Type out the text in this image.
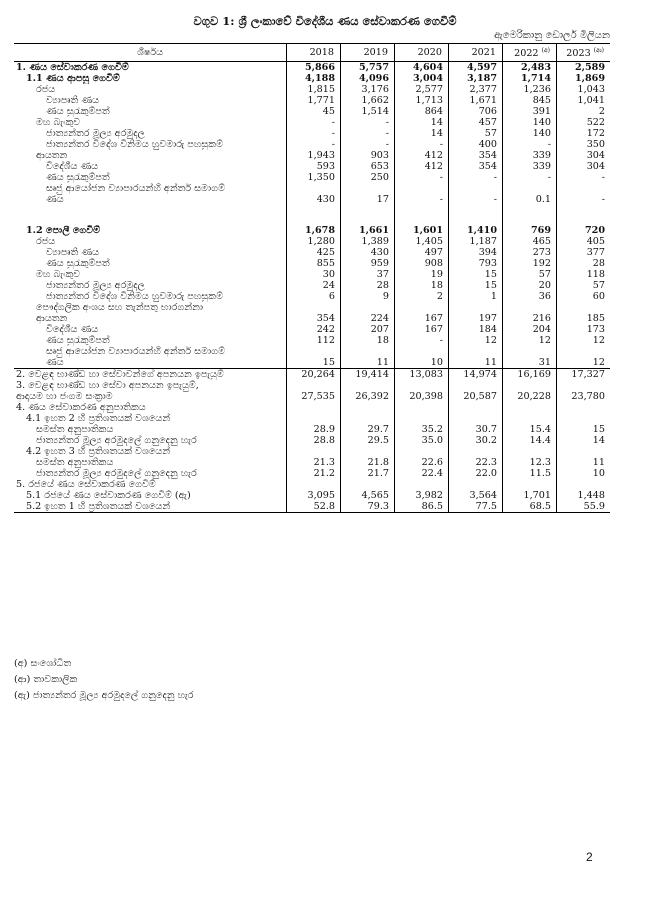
වගුව 1: ශ්‍රී ලංකාවේ විදේශීය ණය සේවාකරණ ගෙවීම්
ඇමෙරිකානු ඩොලර් මිලියන
ශීර්ෂය	2018	2019	2020	2021	2022 $^{(අ)}$	2023 $^{(ආ)}$
1. ණය සේවාකරණ ගෙවීම්	5,866	5,757	4,604	4,597	2,483	2,589
1.1 ණය ආපසු ගෙවීම්	4,188	4,096	3,004	3,187	1,714	1,869
රජය	1,815	3,176	2,577	2,377	1,236	1,043
ව්‍යාපෘති ණය	1,771	1,662	1,713	1,671	845	1,041
ණය සුරැකුම්පත්	45	1,514	864	706	391	2
මහ බැංකුව	-	-	14	457	140	522
ජාත්‍යන්තර මූල්‍ය අරමුදල	-	-	14	57	140	172
ජාත්‍යන්තර විදේශ විනිමය හුවමාරු පහසුකම්	-	-	-	400	-	350
ආයතන	1,943	903	412	354	339	304
විදේශීය ණය	593	653	412	354	339	304
ණය සුරැකුම්පත්	1,350	250	-	-	-	-
සෘජු ආයෝජන ව්‍යාපාරයන්හි අන්තර් සමාගම්
ණය	430	17	-	-	0.1	-

1.2 පොලී ගෙවීම්	1,678	1,661	1,601	1,410	769	720
රජය	1,280	1,389	1,405	1,187	465	405
ව්‍යාපෘති ණය	425	430	497	394	273	377
ණය සුරැකුම්පත්	855	959	908	793	192	28
මහ බැංකුව	30	37	19	15	57	118
ජාත්‍යන්තර මූල්‍ය අරමුදල	24	28	18	15	20	57
ජාත්‍යන්තර විදේශ විනිමය හුවමාරු පහසුකම්	6	9	2	1	36	60
පෞද්ගලික අංශය සහ තැන්පතු භාරගන්නා
ආයතන	354	224	167	197	216	185
විදේශීය ණය	242	207	167	184	204	173
ණය සුරැකුම්පත්	112	18	-	12	12	12
සෘජු ආයෝජන ව්‍යාපාරයන්හි අන්තර් සමාගම්
ණය	15	11	10	11	31	12
2. වෙළඳ භාණ්ඩ හා සේවාවන්ගේ අපනයන ඉපැයුම්	20,264	19,414	13,083	14,974	16,169	17,327
3. වෙළඳ භාණ්ඩ හා සේවා අපනයන ඉපැයුම්,
ආදායම හා ජංගම සංක්‍රාම	27,535	26,392	20,398	20,587	20,228	23,780
4. ණය සේවාකරණ අනුපාතිකය						
4.1 ඉහත 2 හි ප්‍රතිශතයක් වශයෙන්						
සමස්ත අනුපාතිකය	28.9	29.7	35.2	30.7	15.4	15
ජාත්‍යන්තර මූල්‍ය අරමුදලේ ගනුදෙනු හැර	28.8	29.5	35.0	30.2	14.4	14
4.2 ඉහත 3 හි ප්‍රතිශතයක් වශයෙන්						
සමස්ත අනුපාතිකය	21.3	21.8	22.6	22.3	12.3	11
ජාත්‍යන්තර මූල්‍ය අරමුදලේ ගනුදෙනු හැර	21.2	21.7	22.4	22.0	11.5	10
5. රජයේ ණය සේවාකරණ ගෙවීම්						
5.1 රජයේ ණය සේවාකරණ ගෙවීම් (ඇ)	3,095	4,565	3,982	3,564	1,701	1,448
5.2 ඉහත 1 හි ප්‍රතිශතයක් වශයෙන්	52.8	79.3	86.5	77.5	68.5	55.9
(අ) සංශෝධිත
(ආ) තාවකාලික
(ඇ) ජාත්‍යන්තර මූල්‍ය අරමුදලේ ගනුදෙනු හැර
2
